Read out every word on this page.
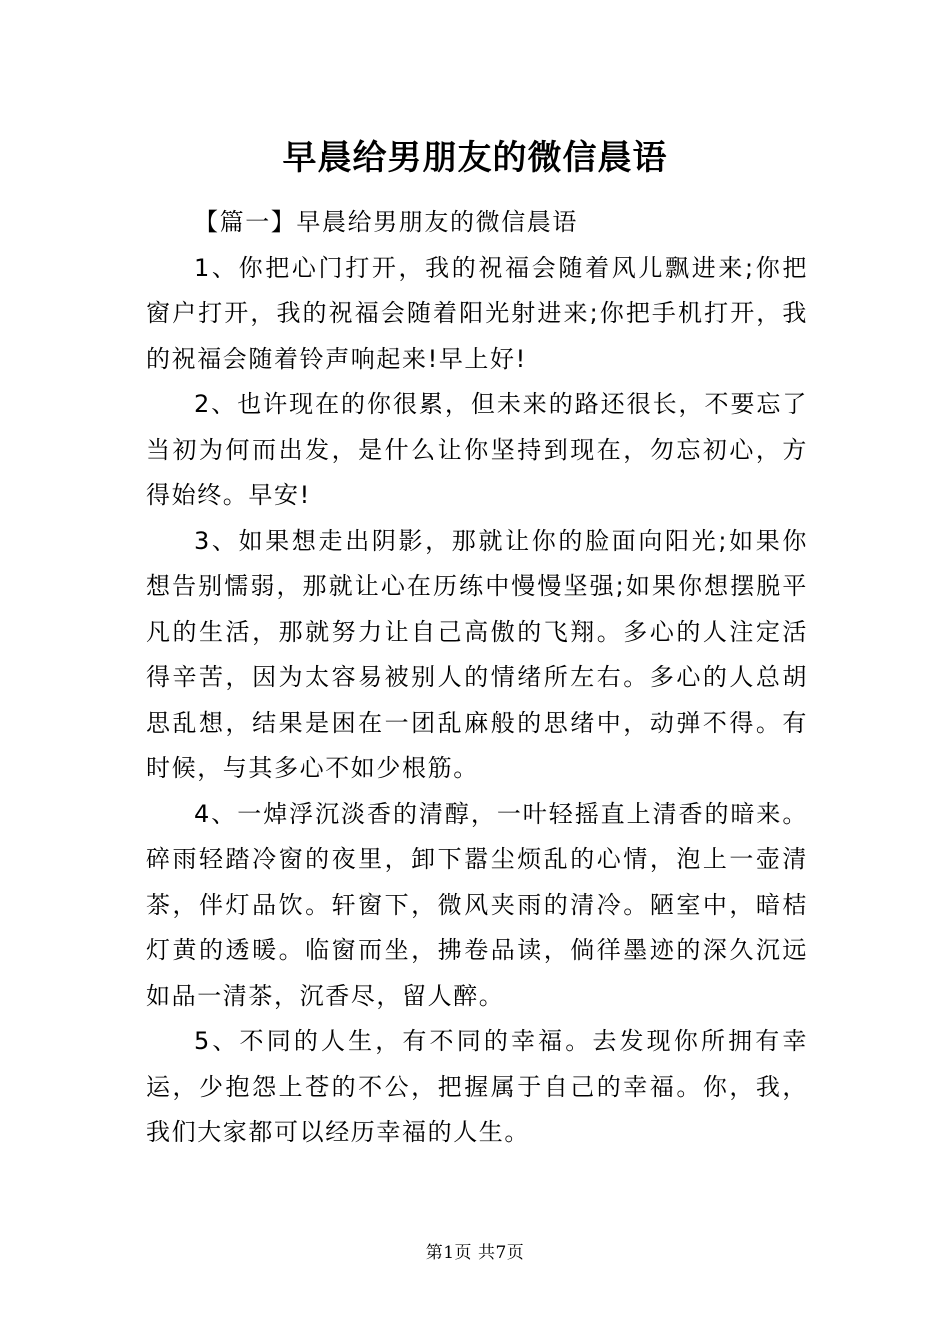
早晨给男朋友的微信晨语

【篇一】早晨给男朋友的微信晨语

1、你把心门打开，我的祝福会随着风儿飘进来;你把窗户打开，我的祝福会随着阳光射进来;你把手机打开，我的祝福会随着铃声响起来!早上好!

2、也许现在的你很累，但未来的路还很长，不要忘了当初为何而出发，是什么让你坚持到现在，勿忘初心，方得始终。早安!

3、如果想走出阴影，那就让你的脸面向阳光;如果你想告别懦弱，那就让心在历练中慢慢坚强;如果你想摆脱平凡的生活，那就努力让自己高傲的飞翔。多心的人注定活得辛苦，因为太容易被别人的情绪所左右。多心的人总胡思乱想，结果是困在一团乱麻般的思绪中，动弹不得。有时候，与其多心不如少根筋。

4、一焯浮沉淡香的清醇，一叶轻摇直上清香的暗来。碎雨轻踏冷窗的夜里，卸下嚣尘烦乱的心情，泡上一壶清茶，伴灯品饮。轩窗下，微风夹雨的清冷。陋室中，暗桔灯黄的透暖。临窗而坐，拂卷品读，倘徉墨迹的深久沉远如品一清茶，沉香尽，留人醉。

5、不同的人生，有不同的幸福。去发现你所拥有幸运，少抱怨上苍的不公，把握属于自己的幸福。你，我，我们大家都可以经历幸福的人生。

第1页 共7页
